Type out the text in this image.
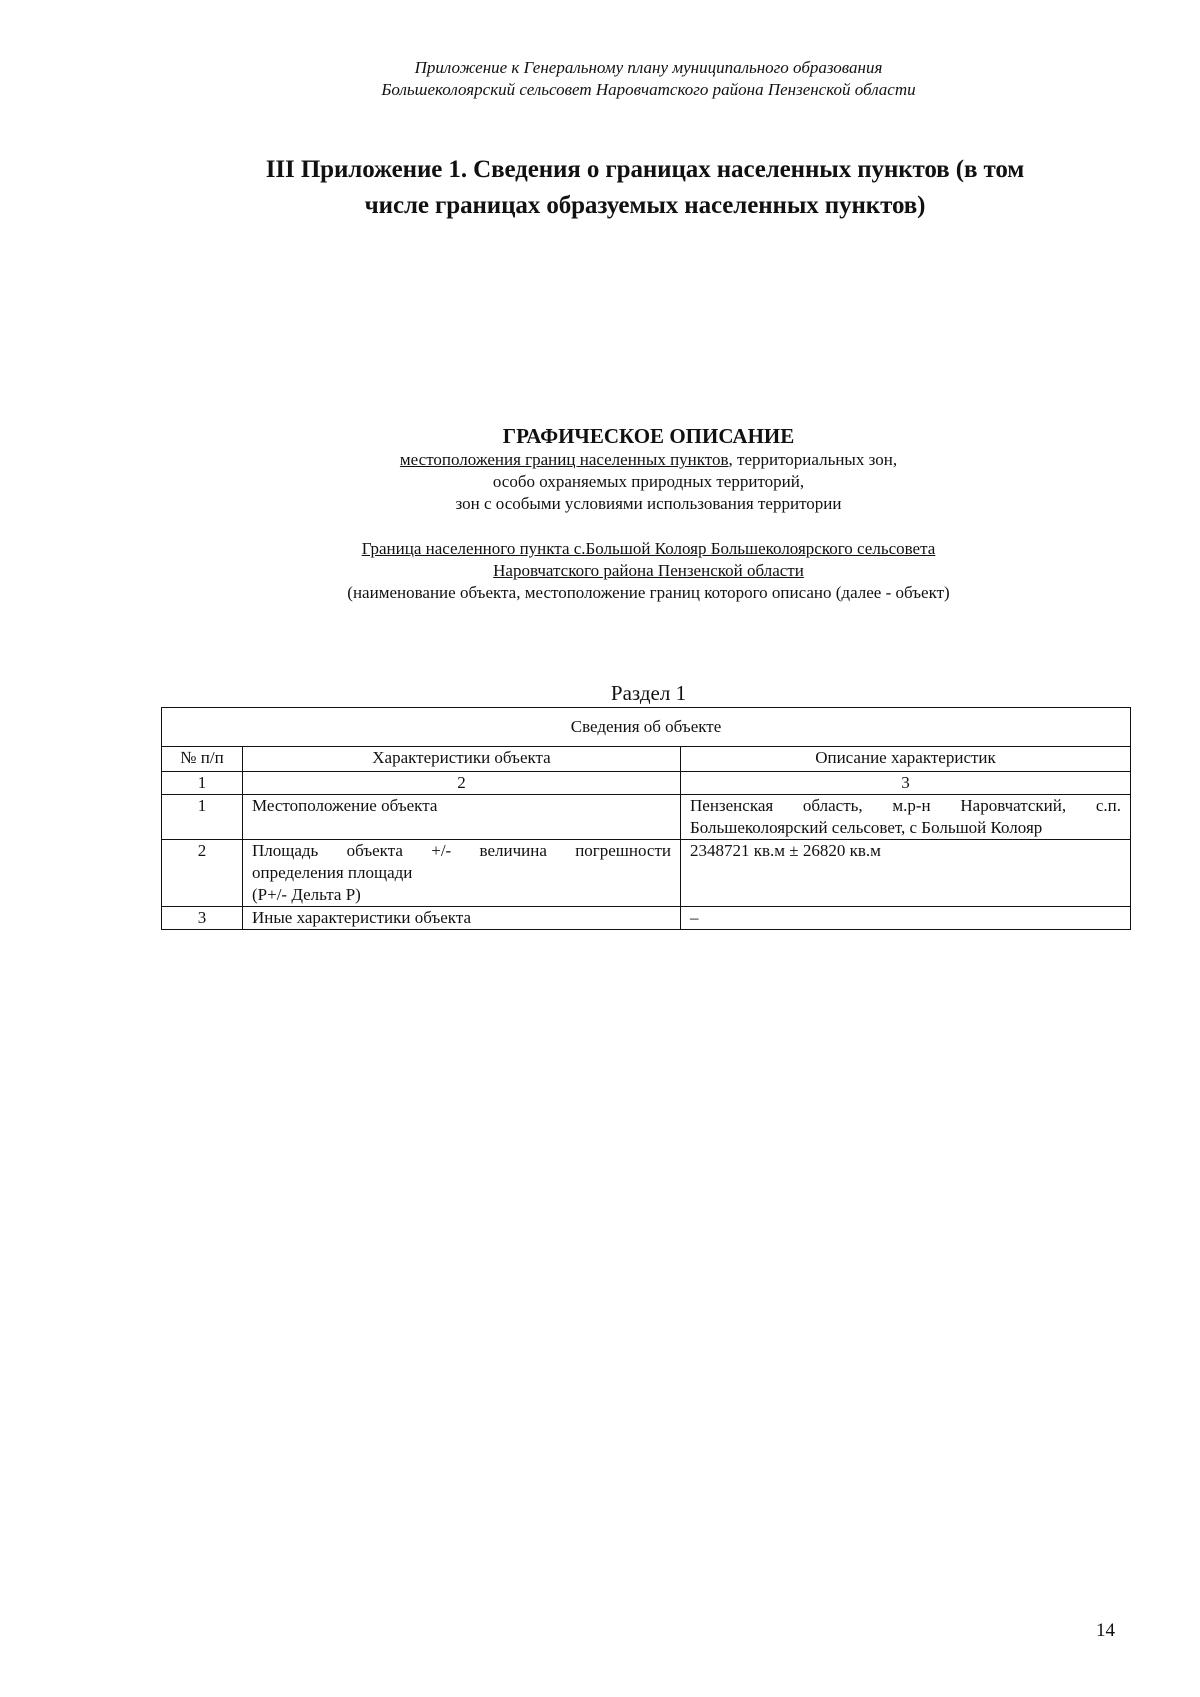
Приложение к Генеральному плану муниципального образования
Большеколоярский сельсовет Наровчатского района Пензенской области
III Приложение 1. Сведения о границах населенных пунктов (в том
числе границах образуемых населенных пунктов)
ГРАФИЧЕСКОЕ ОПИСАНИЕ
местоположения границ населенных пунктов, территориальных зон,
особо охраняемых природных территорий,
зон с особыми условиями использования территории
Граница населенного пункта с.Большой Колояр Большеколоярского сельсовета
Наровчатского района Пензенской области
(наименование объекта, местоположение границ которого описано (далее - объект)
Раздел 1
Сведения об объекте		
№ п/п	Характеристики объекта	Описание характеристик
1	2	3
1	Местоположение объекта	Пензенская область, м.р-н Наровчатский, с.п.
Большеколоярский сельсовет, с Большой Колояр

2	Площадь объекта +/- величина погрешности
определения площади
(Р+/- Дельта Р)	2348721 кв.м ± 26820 кв.м
3	Иные характеристики объекта	–
14
